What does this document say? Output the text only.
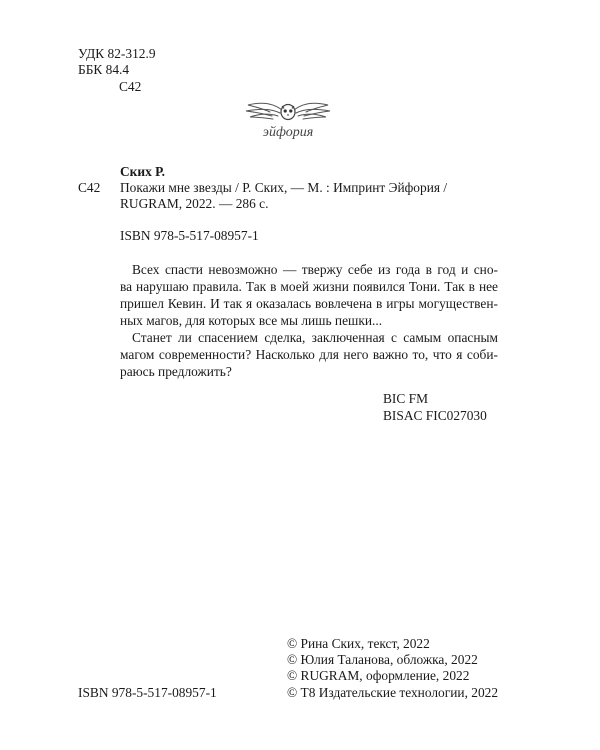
УДК 82-312.9
ББК 84.4
С42
эйфория
Ских Р.
С42 Покажи мне звезды / Р. Ских, — М. : Импринт Эйфория /
RUGRAM, 2022. — 286 с.
ISBN 978-5-517-08957-1
Всех спасти невозможно — твержу себе из года в год и сно-
ва нарушаю правила. Так в моей жизни появился Тони. Так в нее
пришел Кевин. И так я оказалась вовлечена в игры могуществен-
ных магов, для которых все мы лишь пешки...
Станет ли спасением сделка, заключенная с самым опасным
магом современности? Насколько для него важно то, что я соби-
раюсь предложить?
BIC FM
BISAC FIC027030
ISBN 978-5-517-08957-1
© Рина Ских, текст, 2022
© Юлия Таланова, обложка, 2022
© RUGRAM, оформление, 2022
© Т8 Издательские технологии, 2022
